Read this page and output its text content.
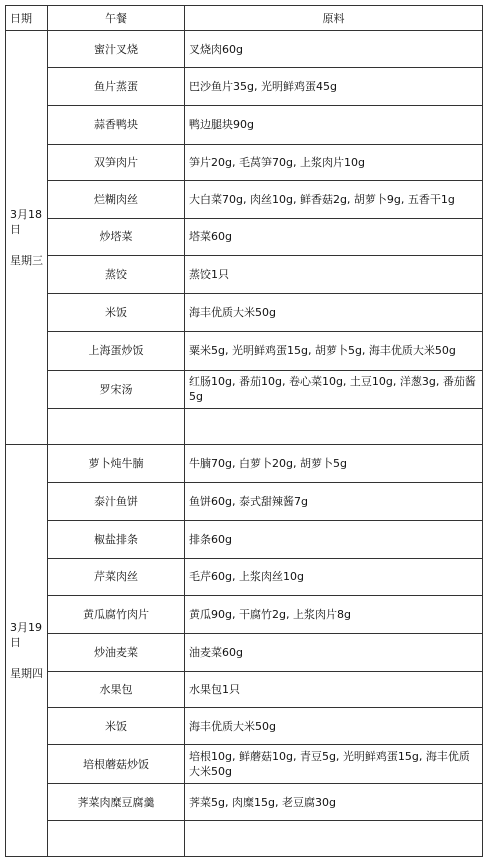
日期	午餐	原料

3月18日
星期三	蜜汁叉烧	叉烧肉60g
	鱼片蒸蛋	巴沙鱼片35g, 光明鲜鸡蛋45g
	蒜香鸭块	鸭边腿块90g
	双笋肉片	笋片20g, 毛莴笋70g, 上浆肉片10g
	烂糊肉丝	大白菜70g, 肉丝10g, 鲜香菇2g, 胡萝卜9g, 五香干1g
	炒塔菜	塔菜60g
	蒸饺	蒸饺1只
	米饭	海丰优质大米50g
	上海蛋炒饭	粟米5g, 光明鲜鸡蛋15g, 胡萝卜5g, 海丰优质大米50g
	罗宋汤	红肠10g, 番茄10g, 卷心菜10g, 土豆10g, 洋葱3g, 番茄酱5g

3月19日
星期四	萝卜炖牛腩	牛腩70g, 白萝卜20g, 胡萝卜5g
	泰汁鱼饼	鱼饼60g, 泰式甜辣酱7g
	椒盐排条	排条60g
	芹菜肉丝	毛芹60g, 上浆肉丝10g
	黄瓜腐竹肉片	黄瓜90g, 干腐竹2g, 上浆肉片8g
	炒油麦菜	油麦菜60g
	水果包	水果包1只
	米饭	海丰优质大米50g
	培根蘑菇炒饭	培根10g, 鲜蘑菇10g, 青豆5g, 光明鲜鸡蛋15g, 海丰优质大米50g
	荠菜肉糜豆腐羹	荠菜5g, 肉糜15g, 老豆腐30g
